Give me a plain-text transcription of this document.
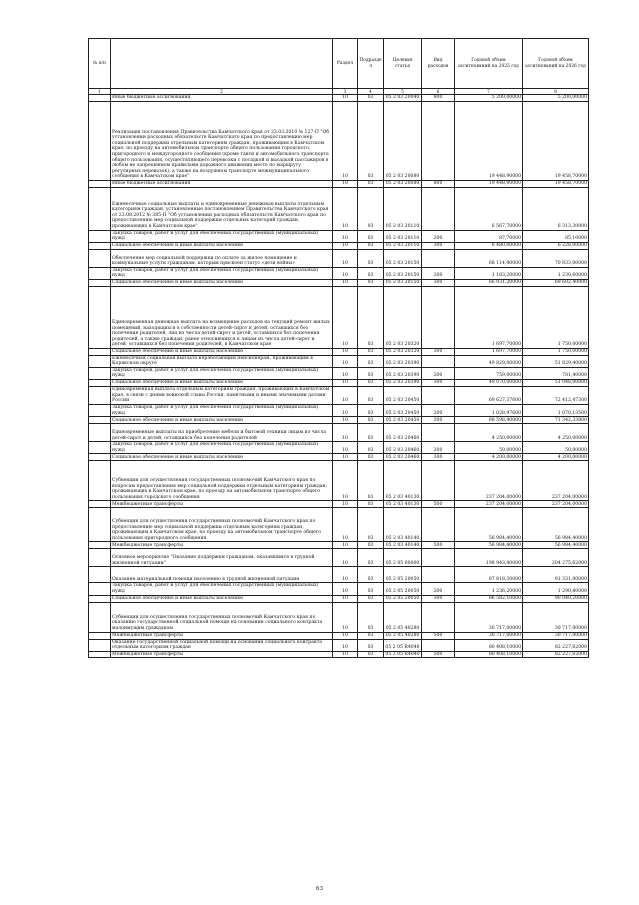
№ п/п		Раздел	Подраздел	Целевая статья	Вид расходов	Годовой объем ассигнований на 2025 год	Годовой объем ассигнований на 2026 год
1	2	3	4	5	6	7	8
	Иные бюджетные ассигнования	10	03	05 2 03 20040	800	5 200,00000	5 200,00000
	Реализация постановления Правительства Камчатского края от 23.03.2010 № 127-П "Об установлении расходных обязательств Камчатского края по предоставлению мер социальной поддержки отдельным категориям граждан, проживающим в Камчатском крае, по проезду на автомобильном транспорте общего пользования городского, пригородного и междугородного сообщения (кроме такси и автомобильного транспорта общего пользования, осуществляющего перевозки с посадкой и высадкой пассажиров в любом не запрещенном правилами дорожного движения месте по маршруту регулярных перевозок), а также на воздушном транспорте межмуниципального сообщения в Камчатском крае"	10	03	05 2 03 20080		19 448,90000	19 458,70000
	Иные бюджетные ассигнования	10	03	05 2 03 20080	800	19 448,90000	19 458,70000
	Ежемесячные социальные выплаты и единовременные денежные выплаты отдельным категориям граждан, установленные постановлением Правительства Камчатского края от 23.08.2012 № 385-П "Об установлении расходных обязательств Камчатского края по предоставлению мер социальной поддержки отдельных категорий граждан, проживающих в Камчатском крае"	10	03	05 2 03 20110		6 567,70000	6 313,30000
	Закупка товаров, работ и услуг для обеспечения государственных (муниципальных) нужд	10	03	05 2 03 20110	200	87,70000	85,10000
	Социальное обеспечение и иные выплаты населению	10	03	05 2 03 20110	300	6 480,00000	6 228,00000
	Обеспечение мер социальной поддержки по оплате за жилое помещение и коммунальные услуги гражданам, которым присвоен статус «дети войны»	10	03	05 2 03 20150		68 114,40000	70 833,00000
	Закупка товаров, работ и услуг для обеспечения государственных (муниципальных) нужд	10	03	05 2 03 20150	200	1 183,20000	1 230,60000
	Социальное обеспечение и иные выплаты населению	10	03	05 2 03 20150	300	66 931,20000	69 602,40000
	Единовременная денежная выплата на возмещение расходов на текущий ремонт жилых помещений, находящихся в собственности детей-сирот и детей, оставшихся без попечения родителей, лиц из числа детей-сирот и детей, оставшихся без попечения родителей, а также граждан, ранее относившихся к лицам из числа детей-сирот и детей, оставшихся без попечения родителей, в Камчатском крае	10	03	05 2 03 20320		1 697,70000	1 750,00000
	Социальное обеспечение и иные выплаты населению	10	03	05 2 03 20320	300	1 697,70000	1 750,00000
	Ежемесячная социальная выплата неработающим пенсионерам, проживающим в Корякском округе	10	03	05 2 03 20390		49 829,00000	51 829,40000
	Закупка товаров, работ и услуг для обеспечения государственных (муниципальных) нужд	10	03	05 2 03 20390	200	759,00000	781,40000
	Социальное обеспечение и иные выплаты населению	10	03	05 2 03 20390	300	49 070,00000	51 048,00000
	Единовременная выплата отдельным категориям граждан, проживающих в Камчатском крае, в связи с днями воинской славы России, памятными и иными значимыми датами России	10	03	05 2 03 20450		69 627,37600	72 412,47300
	Закупка товаров, работ и услуг для обеспечения государственных (муниципальных) нужд	10	03	05 2 03 20450	200	1 028,97600	1 070,13500
	Социальное обеспечение и иные выплаты населению	10	03	05 2 03 20450	300	68 598,40000	71 342,33800
	Единовременные выплаты на приобретение мебели и бытовой техники лицам из числа детей-сирот и детей, оставшихся без попечения родителей	10	03	05 2 03 20460		4 250,00000	4 250,00000
	Закупка товаров, работ и услуг для обеспечения государственных (муниципальных) нужд	10	03	05 2 03 20460	200	50,00000	50,00000
	Социальное обеспечение и иные выплаты населению	10	03	05 2 03 20460	300	4 200,00000	4 200,00000
	Субвенции для осуществления государственных полномочий Камчатского края по вопросам предоставления мер социальной поддержки отдельным категориям граждан, проживающих в Камчатском крае, по проезду на автомобильном транспорте общего пользования городского сообщения	10	03	05 2 03 40130		237 204,00000	237 204,00000
	Межбюджетные трансферты	10	03	05 2 03 40130	500	237 204,00000	237 204,00000
	Субвенции для осуществления государственных полномочий Камчатского края по предоставлению мер социальной поддержки отдельным категориям граждан, проживающим в Камчатском крае, по проезду на автомобильном транспорте общего пользования пригородного сообщения	10	03	05 2 03 40140		56 984,40000	56 984,40000
	Межбюджетные трансферты	10	03	05 2 03 40140	500	56 984,40000	56 984,40000
	Основное мероприятие "Оказание поддержки гражданам, оказавшимся в трудной жизненной ситуации"	10	03	05 2 05 00000		198 943,40000	204 275,62000
	Оказание материальной помощи населению в трудной жизненной ситуации	10	03	05 2 05 20050		87 818,30000	91 331,00000
	Закупка товаров, работ и услуг для обеспечения государственных (муниципальных) нужд	10	03	05 2 05 20050	200	1 236,20000	1 290,80000
	Социальное обеспечение и иные выплаты населению	10	03	05 2 05 20050	300	86 582,10000	90 040,20000
	Субвенции для осуществления государственных полномочий Камчатского края по оказанию государственной социальной помощи на основании социального контракта малоимущим гражданам	10	03	05 2 05 40280		30 717,00000	30 717,00000
	Межбюджетные трансферты	10	03	05 2 05 40280	500	30 717,00000	30 717,00000
	Оказание государственной социальной помощи на основании социального контракта отдельным категориям граждан	10	03	05 2 05 R4040		80 408,10000	82 227,62000
	Межбюджетные трансферты	10	03	05 2 05 R4040	500	80 408,10000	82 227,62000
63
